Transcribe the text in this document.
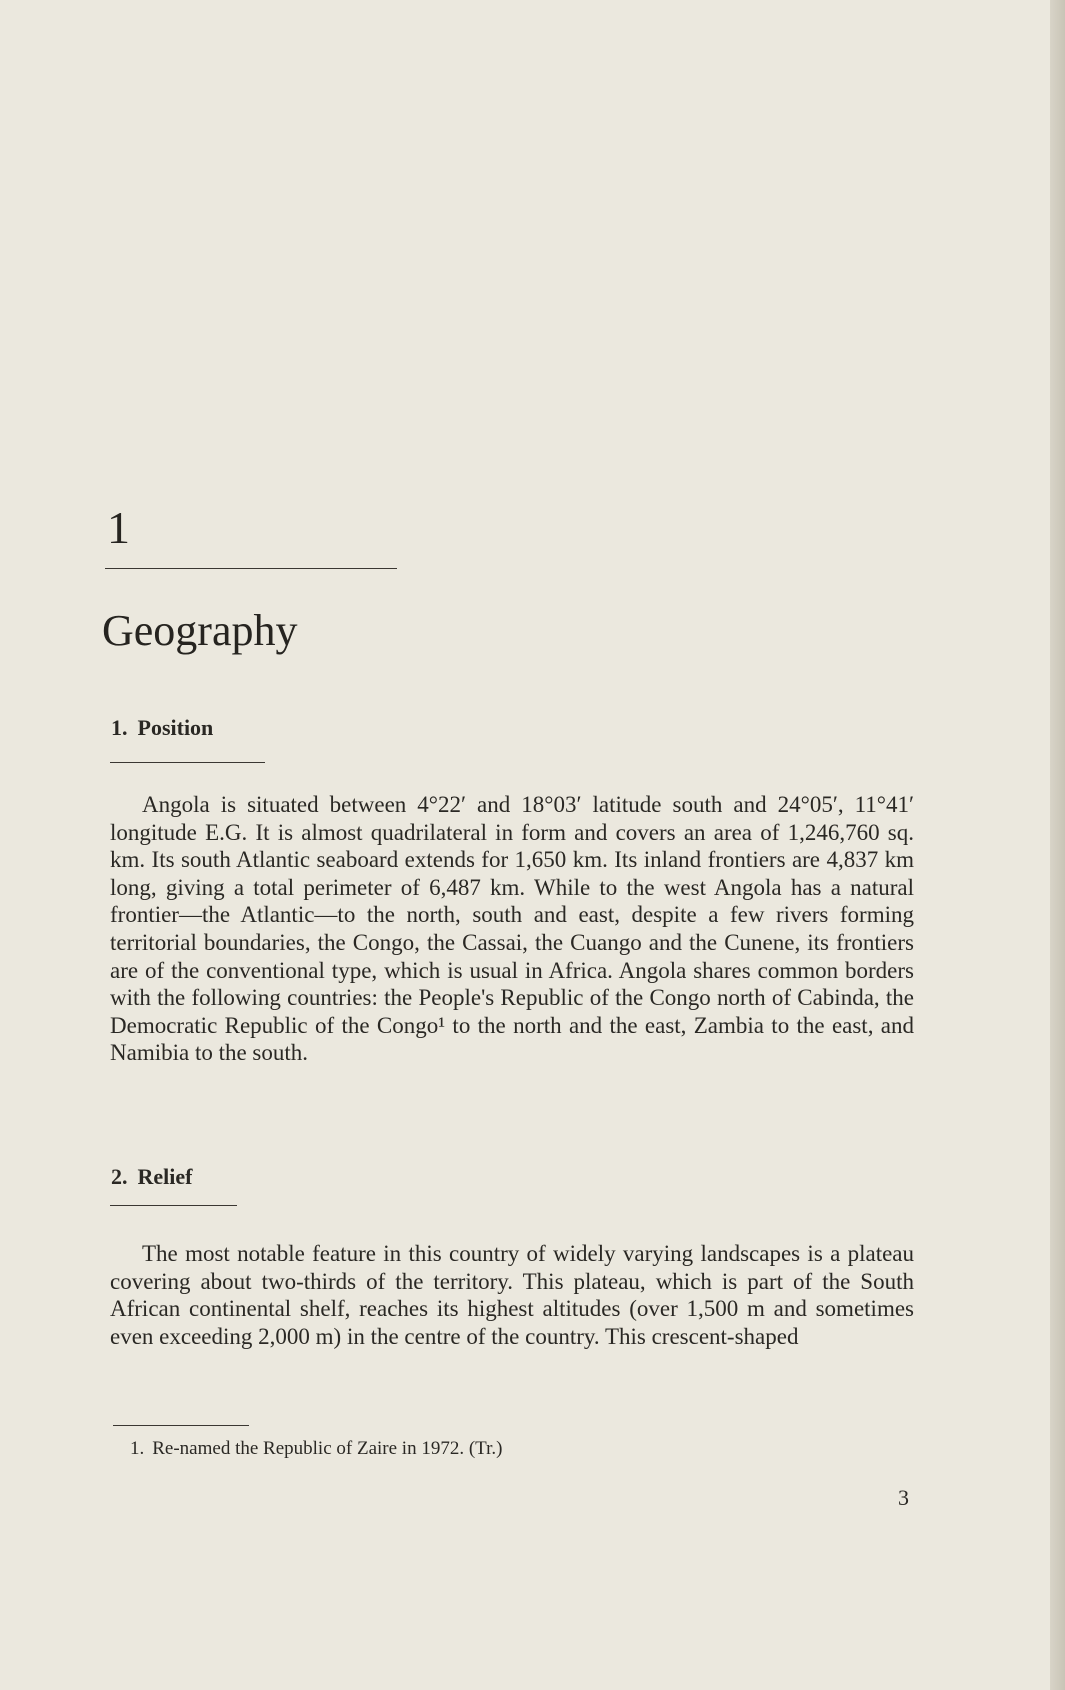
1
Geography
1. Position

Angola is situated between 4°22′ and 18°03′ latitude south and 24°05′, 11°41′ longitude E.G. It is almost quadrilateral in form and covers an area of 1,246,760 sq. km. Its south Atlantic seaboard extends for 1,650 km. Its inland frontiers are 4,837 km long, giving a total perimeter of 6,487 km. While to the west Angola has a natural frontier—the Atlantic—to the north, south and east, despite a few rivers forming territorial boundaries, the Congo, the Cassai, the Cuango and the Cunene, its frontiers are of the conventional type, which is usual in Africa. Angola shares common borders with the following countries: the People's Republic of the Congo north of Cabinda, the Democratic Republic of the Congo¹ to the north and the east, Zambia to the east, and Namibia to the south.

2. Relief

The most notable feature in this country of widely varying landscapes is a plateau covering about two-thirds of the territory. This plateau, which is part of the South African continental shelf, reaches its highest altitudes (over 1,500 m and sometimes even exceeding 2,000 m) in the centre of the country. This crescent-shaped

1. Re-named the Republic of Zaire in 1972. (Tr.)
3
